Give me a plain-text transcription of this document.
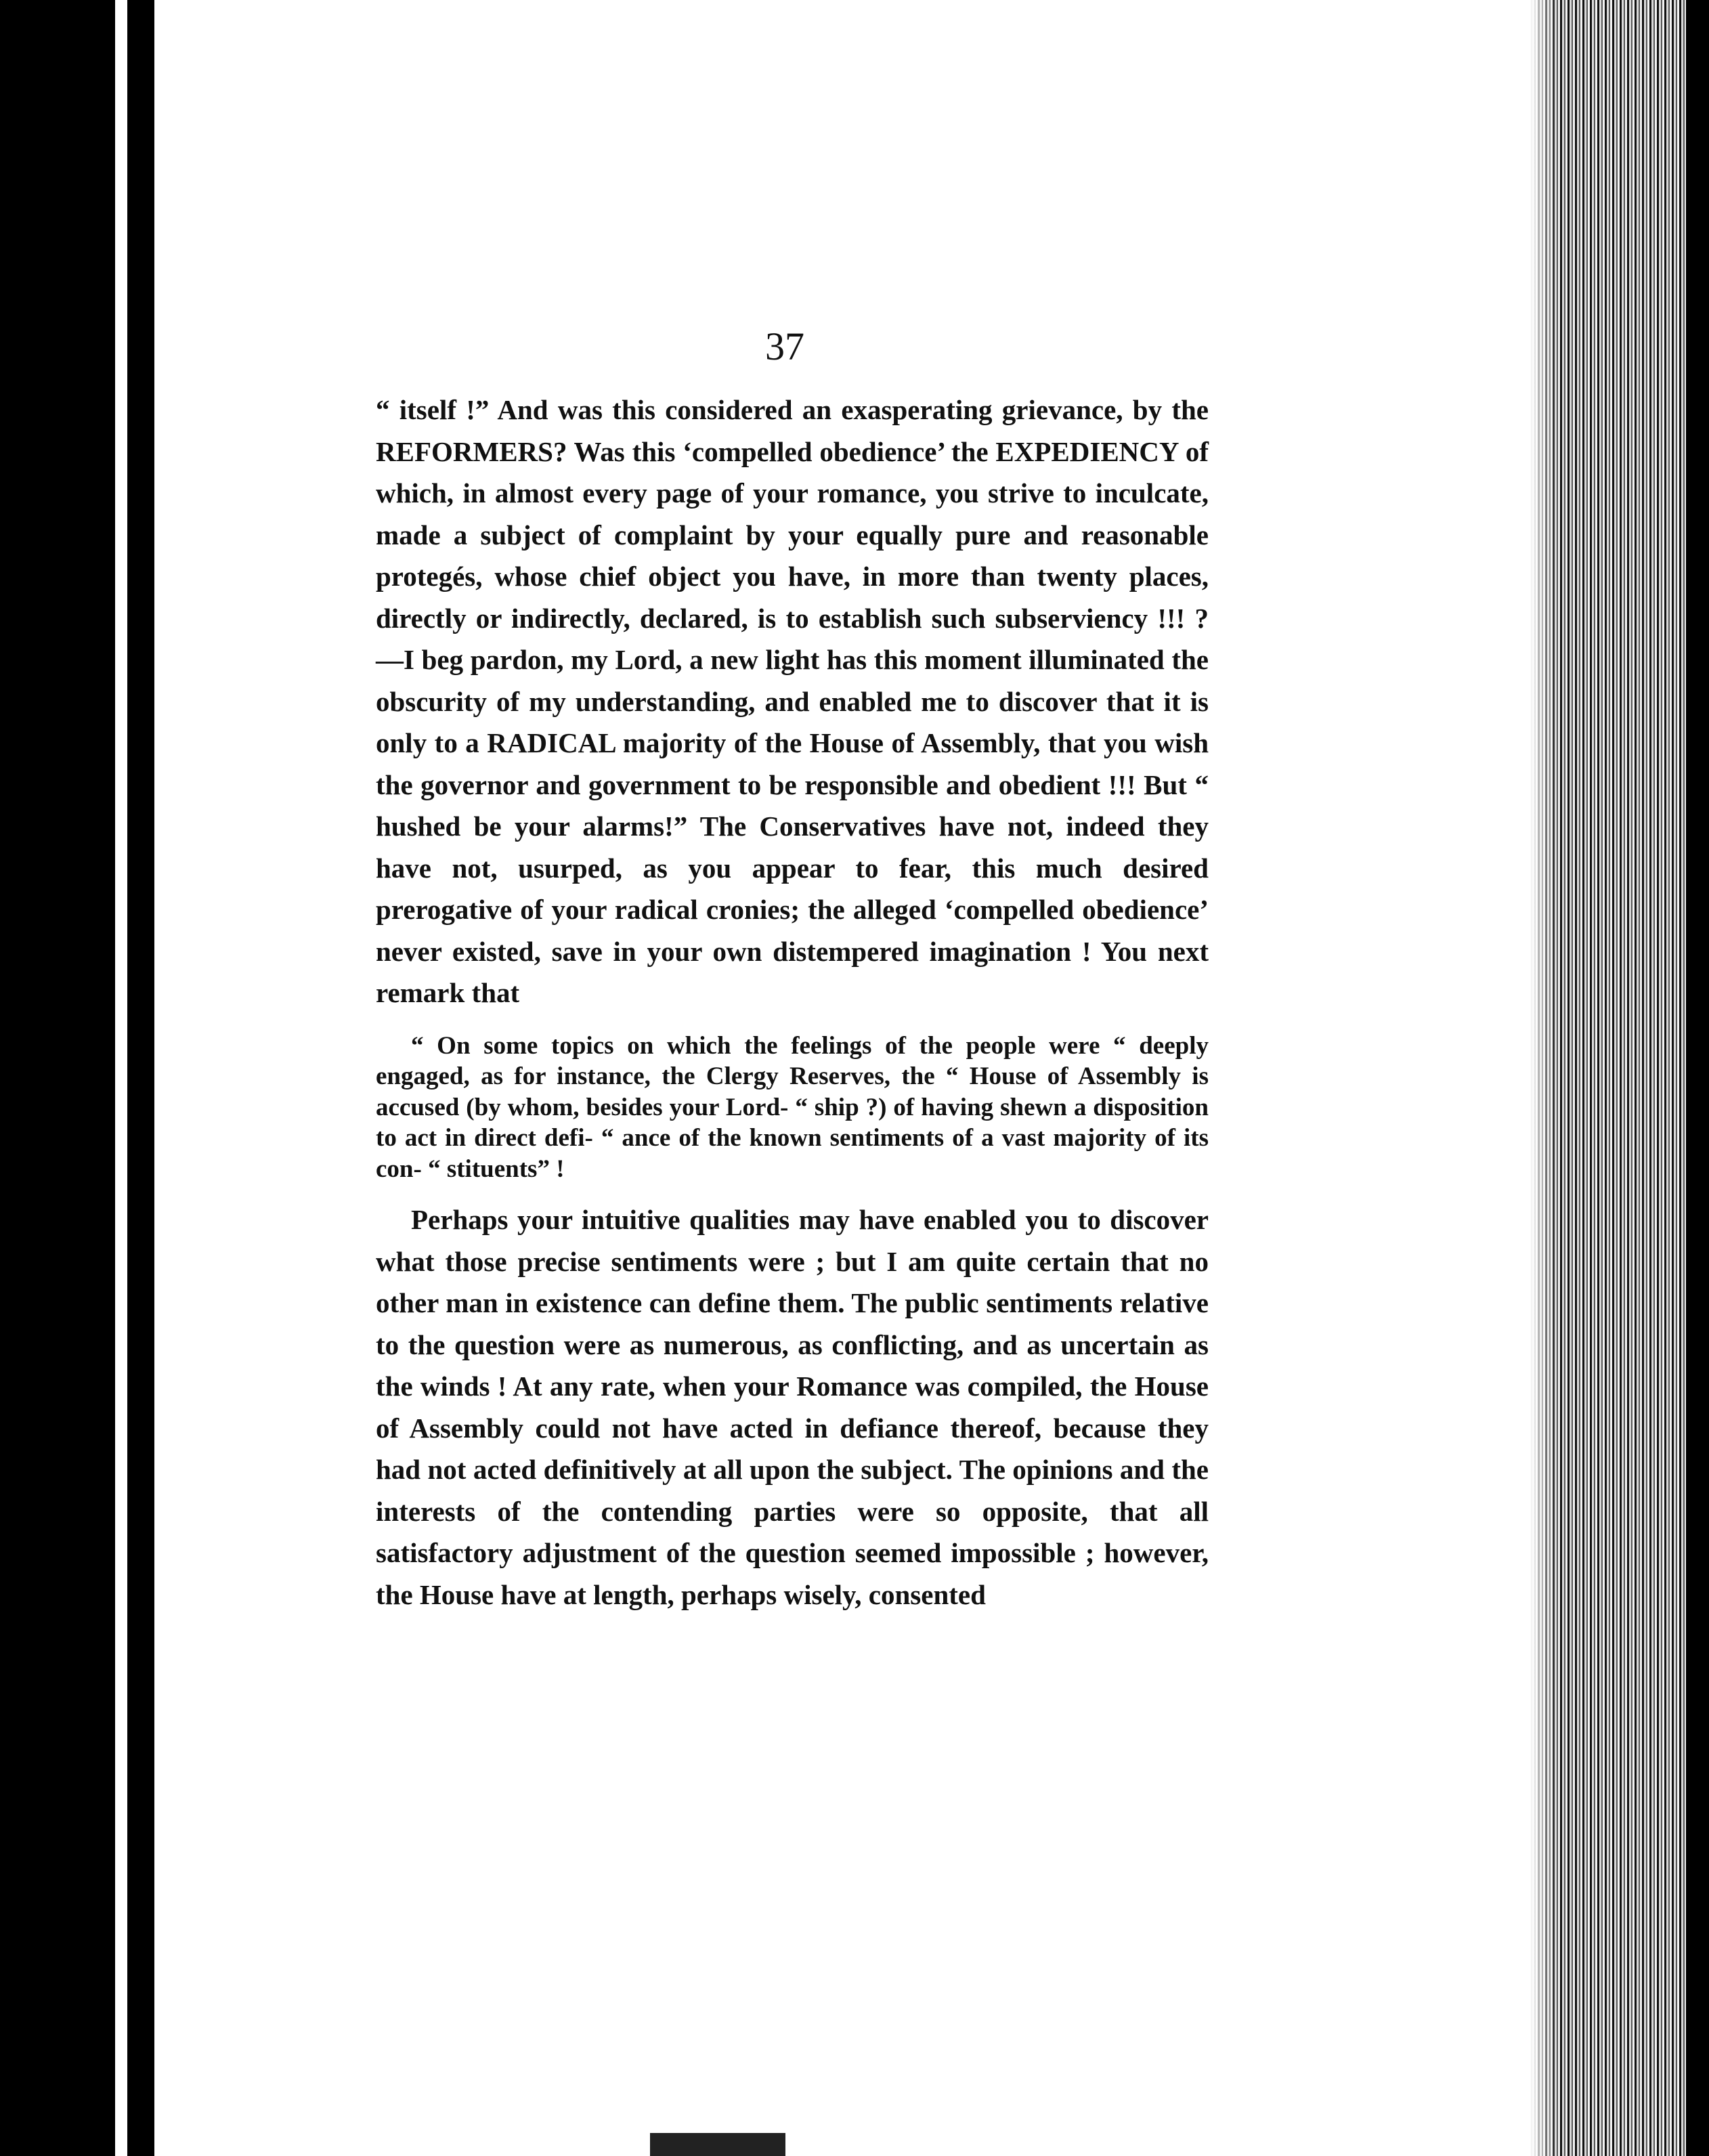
37

“ itself !” And was this considered an exasperating grievance, by the REFORMERS? Was this ‘compelled obedience’ the EXPEDIENCY of which, in almost every page of your romance, you strive to inculcate, made a subject of complaint by your equally pure and reasonable protegés, whose chief object you have, in more than twenty places, directly or indirectly, declared, is to establish such subserviency !!! ?—I beg pardon, my Lord, a new light has this moment illuminated the obscurity of my understanding, and enabled me to discover that it is only to a RADICAL majority of the House of Assembly, that you wish the governor and government to be responsible and obedient !!! But “ hushed be your alarms!” The Conservatives have not, indeed they have not, usurped, as you appear to fear, this much desired prerogative of your radical cronies; the alleged ‘compelled obedience’ never existed, save in your own distempered imagination ! You next remark that

“ On some topics on which the feelings of the people were “ deeply engaged, as for instance, the Clergy Reserves, the “ House of Assembly is accused (by whom, besides your Lord- “ ship ?) of having shewn a disposition to act in direct defi- “ ance of the known sentiments of a vast majority of its con- “ stituents” !

Perhaps your intuitive qualities may have enabled you to discover what those precise sentiments were ; but I am quite certain that no other man in existence can define them. The public sentiments relative to the question were as numerous, as conflicting, and as uncertain as the winds ! At any rate, when your Romance was compiled, the House of Assembly could not have acted in defiance thereof, because they had not acted definitively at all upon the subject. The opinions and the interests of the contending parties were so opposite, that all satisfactory adjustment of the question seemed impossible ; however, the House have at length, perhaps wisely, consented
